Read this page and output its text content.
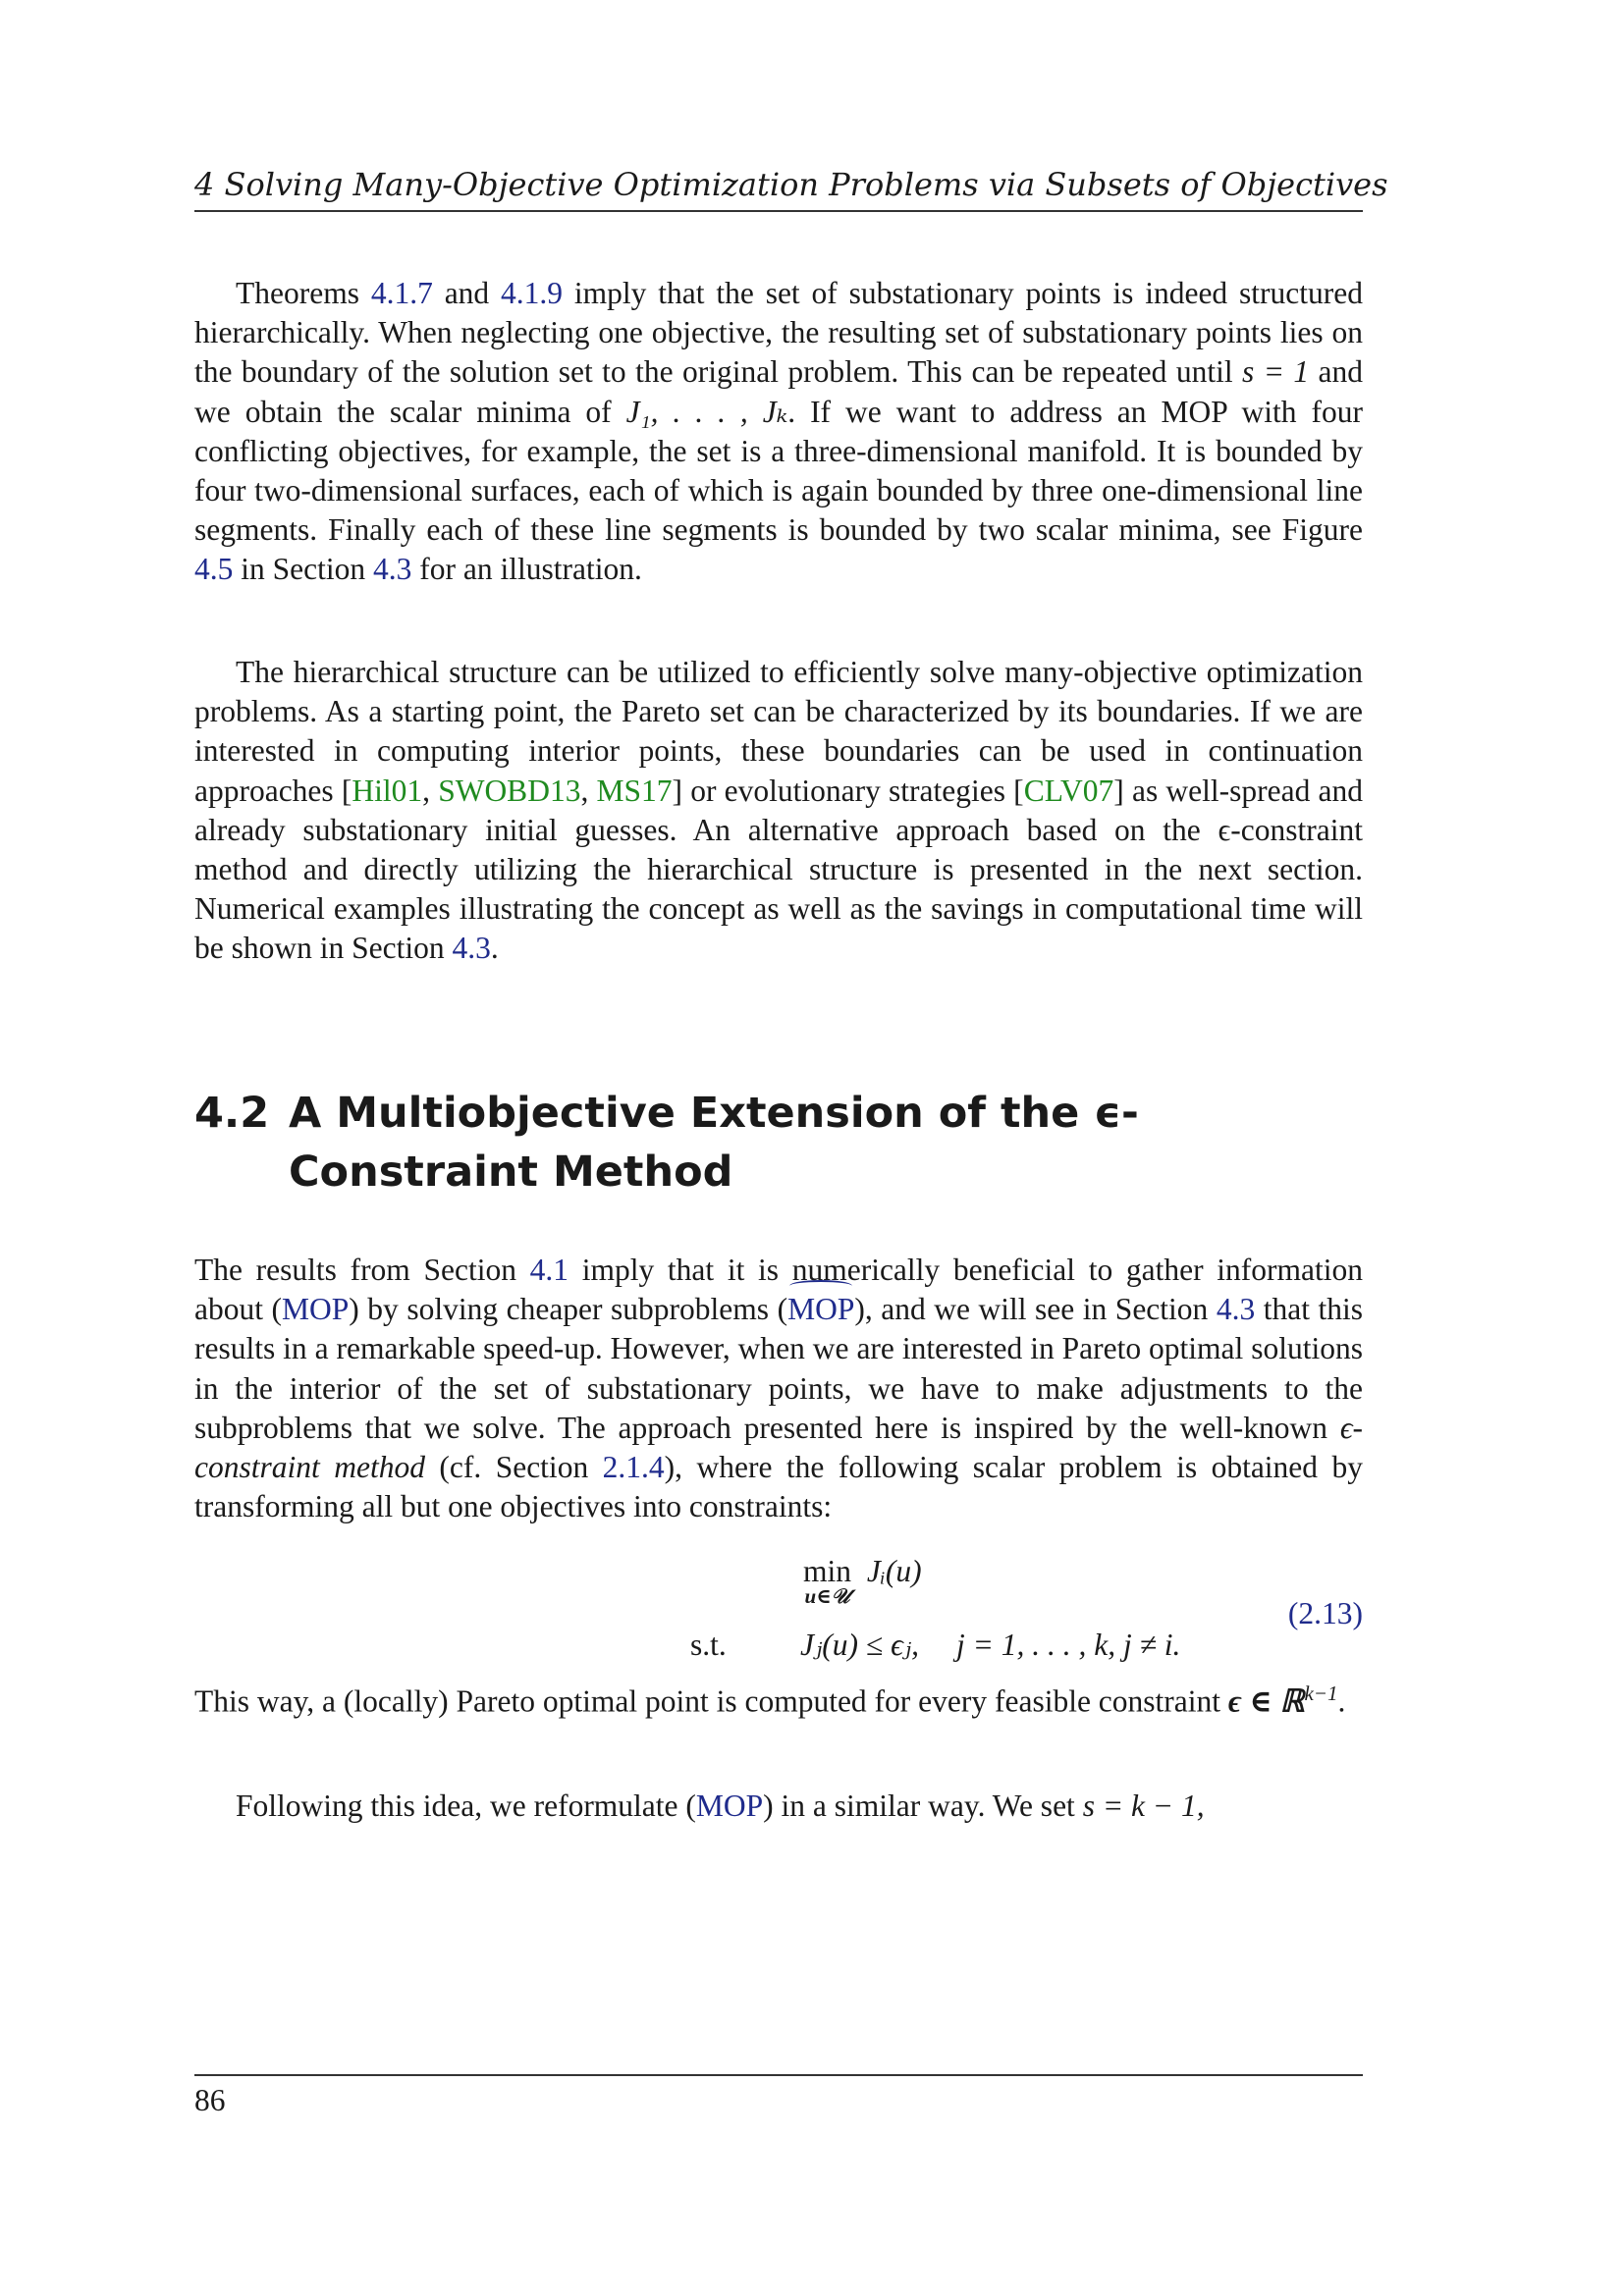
4 Solving Many-Objective Optimization Problems via Subsets of Objectives

Theorems 4.1.7 and 4.1.9 imply that the set of substationary points is indeed structured hierarchically. When neglecting one objective, the resulting set of substationary points lies on the boundary of the solution set to the original problem. This can be repeated until s = 1 and we obtain the scalar minima of J₁, . . . , Jₖ. If we want to address an MOP with four conflicting objectives, for example, the set is a three-dimensional manifold. It is bounded by four two-dimensional surfaces, each of which is again bounded by three one-dimensional line segments. Finally each of these line segments is bounded by two scalar minima, see Figure 4.5 in Section 4.3 for an illustration.

The hierarchical structure can be utilized to efficiently solve many-objective optimization problems. As a starting point, the Pareto set can be characterized by its boundaries. If we are interested in computing interior points, these boundaries can be used in continuation approaches [Hil01, SWOBD13, MS17] or evolutionary strategies [CLV07] as well-spread and already substationary initial guesses. An alternative approach based on the ϵ-constraint method and directly utilizing the hierarchical structure is presented in the next section. Numerical examples illustrating the concept as well as the savings in computational time will be shown in Section 4.3.

4.2 A Multiobjective Extension of the ϵ-Constraint Method

The results from Section 4.1 imply that it is numerically beneficial to gather information about (MOP) by solving cheaper subproblems (MOP), and we will see in Section 4.3 that this results in a remarkable speed-up. However, when we are interested in Pareto optimal solutions in the interior of the set of substationary points, we have to make adjustments to the subproblems that we solve. The approach presented here is inspired by the well-known ϵ-constraint method (cf. Section 2.1.4), where the following scalar problem is obtained by transforming all but one objectives into constraints:

min
u∈𝒰
Jᵢ(u)
s.t. Jⱼ(u) ≤ ϵⱼ, j = 1, . . . , k, j ≠ i.
(2.13)

This way, a (locally) Pareto optimal point is computed for every feasible constraint ϵ ∈ ℝ$^{k-1}$.

Following this idea, we reformulate (MOP) in a similar way. We set s = k − 1,

86
